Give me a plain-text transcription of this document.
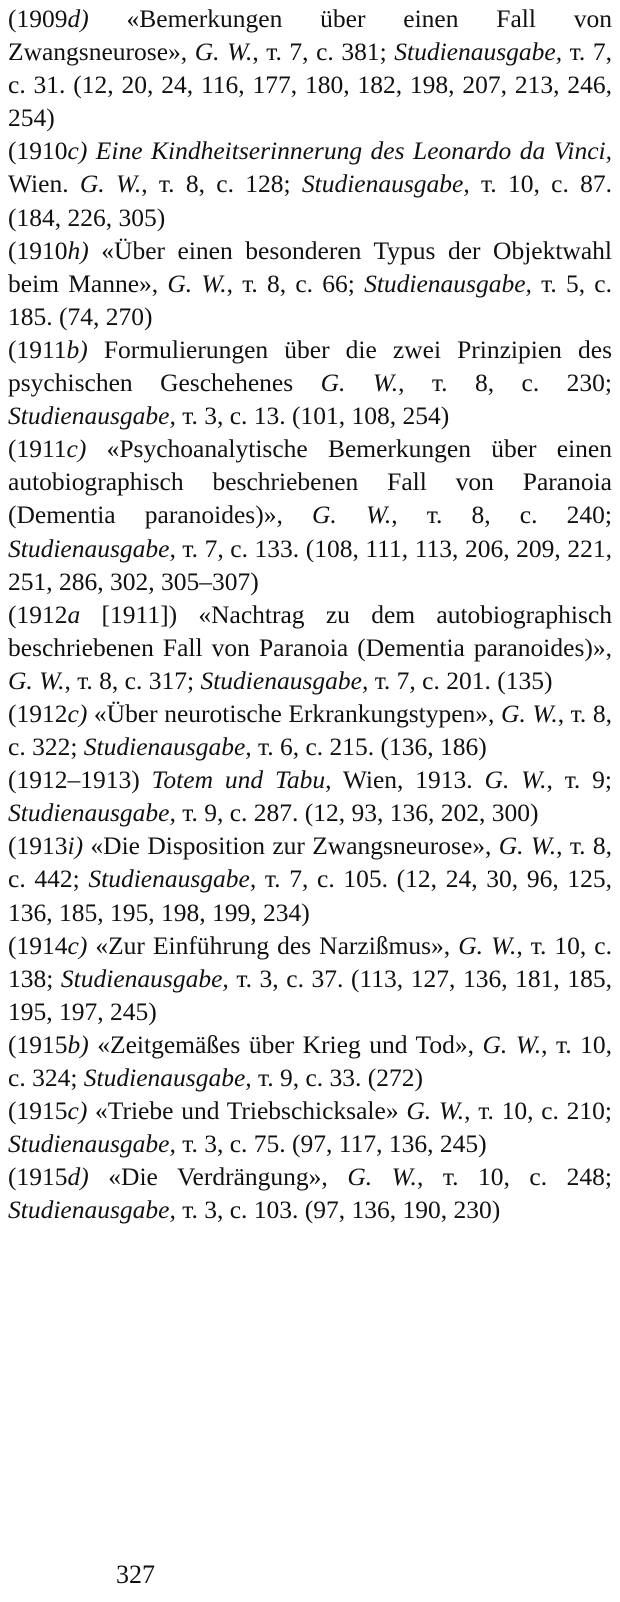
(1909d) «Bemerkungen über einen Fall von Zwangsneurose», G. W., т. 7, с. 381; Studienausgabe, т. 7, с. 31. (12, 20, 24, 116, 177, 180, 182, 198, 207, 213, 246, 254)

(1910c) Eine Kindheitserinnerung des Leonardo da Vinci, Wien. G. W., т. 8, с. 128; Studienausgabe, т. 10, с. 87. (184, 226, 305)

(1910h) «Über einen besonderen Typus der Objektwahl beim Manne», G. W., т. 8, с. 66; Studienausgabe, т. 5, с. 185. (74, 270)

(1911b) Formulierungen über die zwei Prinzipien des psychischen Geschehenes G. W., т. 8, с. 230; Studienausgabe, т. 3, с. 13. (101, 108, 254)

(1911c) «Psychoanalytische Bemerkungen über einen autobiographisch beschriebenen Fall von Paranoia (Dementia paranoides)», G. W., т. 8, с. 240; Studienausgabe, т. 7, с. 133. (108, 111, 113, 206, 209, 221, 251, 286, 302, 305–307)

(1912a [1911]) «Nachtrag zu dem autobiographisch beschriebenen Fall von Paranoia (Dementia paranoides)», G. W., т. 8, с. 317; Studienausgabe, т. 7, с. 201. (135)

(1912c) «Über neurotische Erkrankungstypen», G. W., т. 8, с. 322; Studienausgabe, т. 6, с. 215. (136, 186)

(1912–1913) Totem und Tabu, Wien, 1913. G. W., т. 9; Studienausgabe, т. 9, с. 287. (12, 93, 136, 202, 300)

(1913i) «Die Disposition zur Zwangsneurose», G. W., т. 8, с. 442; Studienausgabe, т. 7, с. 105. (12, 24, 30, 96, 125, 136, 185, 195, 198, 199, 234)

(1914c) «Zur Einführung des Narzißmus», G. W., т. 10, с. 138; Studienausgabe, т. 3, с. 37. (113, 127, 136, 181, 185, 195, 197, 245)

(1915b) «Zeitgemäßes über Krieg und Tod», G. W., т. 10, с. 324; Studienausgabe, т. 9, с. 33. (272)

(1915c) «Triebe und Triebschicksale» G. W., т. 10, с. 210; Studienausgabe, т. 3, с. 75. (97, 117, 136, 245)

(1915d) «Die Verdrängung», G. W., т. 10, с. 248; Studienausgabe, т. 3, с. 103. (97, 136, 190, 230)

327
